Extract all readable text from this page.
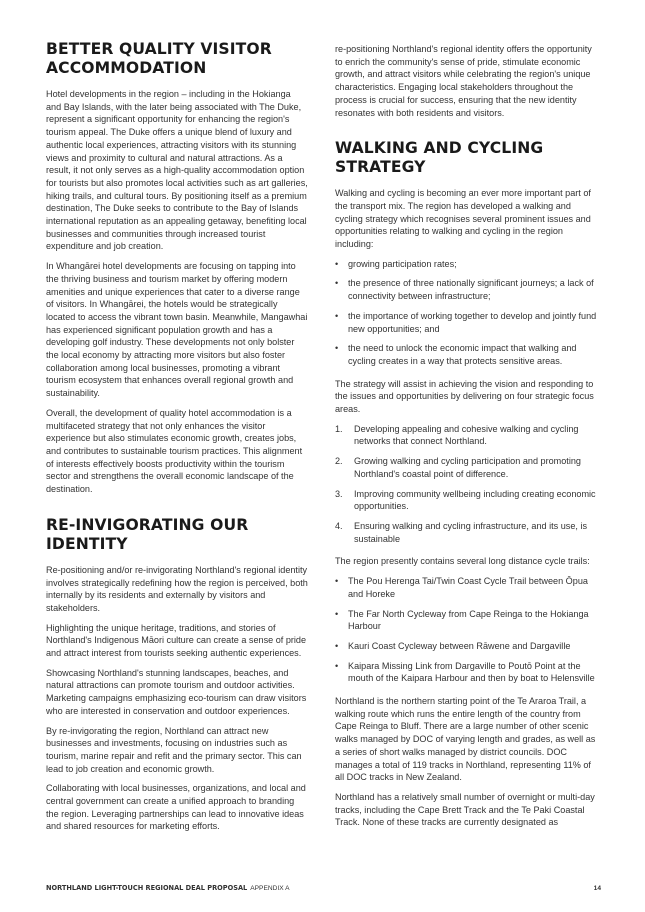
BETTER QUALITY VISITOR ACCOMMODATION

Hotel developments in the region – including in the Hokianga and Bay Islands, with the later being associated with The Duke, represent a significant opportunity for enhancing the region's tourism appeal. The Duke offers a unique blend of luxury and authentic local experiences, attracting visitors with its stunning views and proximity to cultural and natural attractions. As a result, it not only serves as a high-quality accommodation option for tourists but also promotes local activities such as art galleries, hiking trails, and cultural tours. By positioning itself as a premium destination, The Duke seeks to contribute to the Bay of Islands international reputation as an appealing getaway, benefiting local businesses and communities through increased tourist expenditure and job creation.

In Whangārei hotel developments are focusing on tapping into the thriving business and tourism market by offering modern amenities and unique experiences that cater to a diverse range of visitors. In Whangārei, the hotels would be strategically located to access the vibrant town basin. Meanwhile, Mangawhai has experienced significant population growth and has a developing golf industry. These developments not only bolster the local economy by attracting more visitors but also foster collaboration among local businesses, promoting a vibrant tourism ecosystem that enhances overall regional growth and sustainability.

Overall, the development of quality hotel accommodation is a multifaceted strategy that not only enhances the visitor experience but also stimulates economic growth, creates jobs, and contributes to sustainable tourism practices. This alignment of interests effectively boosts productivity within the tourism sector and strengthens the overall economic landscape of the destination.

RE-INVIGORATING OUR IDENTITY

Re-positioning and/or re-invigorating Northland's regional identity involves strategically redefining how the region is perceived, both internally by its residents and externally by visitors and stakeholders.

Highlighting the unique heritage, traditions, and stories of Northland's Indigenous Māori culture can create a sense of pride and attract interest from tourists seeking authentic experiences.

Showcasing Northland's stunning landscapes, beaches, and natural attractions can promote tourism and outdoor activities. Marketing campaigns emphasizing eco-tourism can draw visitors who are interested in conservation and outdoor experiences.

By re-invigorating the region, Northland can attract new businesses and investments, focusing on industries such as tourism, marine repair and refit and the primary sector. This can lead to job creation and economic growth.

Collaborating with local businesses, organizations, and local and central government can create a unified approach to branding the region. Leveraging partnerships can lead to innovative ideas and shared resources for marketing efforts.

re-positioning Northland's regional identity offers the opportunity to enrich the community's sense of pride, stimulate economic growth, and attract visitors while celebrating the region's unique characteristics. Engaging local stakeholders throughout the process is crucial for success, ensuring that the new identity resonates with both residents and visitors.

WALKING AND CYCLING STRATEGY

Walking and cycling is becoming an ever more important part of the transport mix. The region has developed a walking and cycling strategy which recognises several prominent issues and opportunities relating to walking and cycling in the region including:

• growing participation rates;
• the presence of three nationally significant journeys; a lack of connectivity between infrastructure;
• the importance of working together to develop and jointly fund new opportunities; and
• the need to unlock the economic impact that walking and cycling creates in a way that protects sensitive areas.

The strategy will assist in achieving the vision and responding to the issues and opportunities by delivering on four strategic focus areas.

1. Developing appealing and cohesive walking and cycling networks that connect Northland.
2. Growing walking and cycling participation and promoting Northland's coastal point of difference.
3. Improving community wellbeing including creating economic opportunities.
4. Ensuring walking and cycling infrastructure, and its use, is sustainable

The region presently contains several long distance cycle trails:

• The Pou Herenga Tai/Twin Coast Cycle Trail between Ōpua and Horeke
• The Far North Cycleway from Cape Reinga to the Hokianga Harbour
• Kauri Coast Cycleway between Rāwene and Dargaville
• Kaipara Missing Link from Dargaville to Poutō Point at the mouth of the Kaipara Harbour and then by boat to Helensville

Northland is the northern starting point of the Te Araroa Trail, a walking route which runs the entire length of the country from Cape Reinga to Bluff. There are a large number of other scenic walks managed by DOC of varying length and grades, as well as a series of short walks managed by district councils. DOC manages a total of 119 tracks in Northland, representing 11% of all DOC tracks in New Zealand.

Northland has a relatively small number of overnight or multi-day tracks, including the Cape Brett Track and the Te Paki Coastal Track. None of these tracks are currently designated as

NORTHLAND LIGHT-TOUCH REGIONAL DEAL PROPOSAL APPENDIX A	14
